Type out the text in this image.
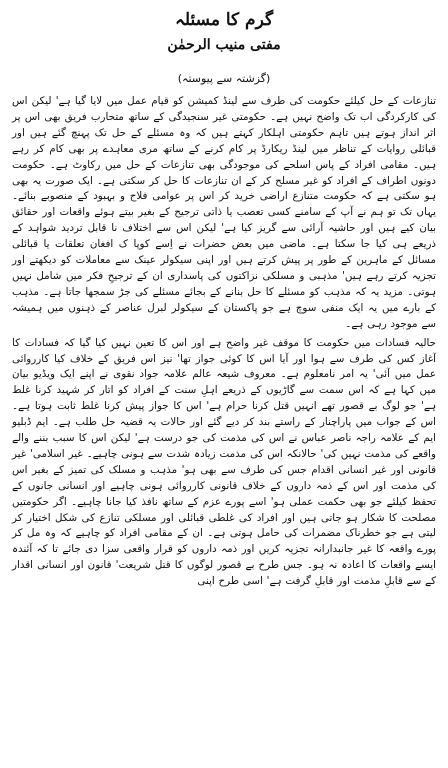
گرم کا مسئلہ
مفتی منیب الرحمٰن

(گزشتہ سے پیوستہ)

تنازعات کے حل کیلئے حکومت کی طرف سے لینڈ کمیشن کو قیام عمل میں لایا گیا ہے' لیکن اس کی کارکردگی اب تک واضح نہیں ہے۔ حکومتی غیر سنجیدگی کے ساتھ متحارب فریق بھی اس پر اثر انداز ہوتے ہیں تاہم حکومتی اہلکار کہتے ہیں کہ وہ مسئلے کے حل تک پہنچ گئے ہیں اور قبائلی روایات کے تناظر میں لینڈ ریکارڈ پر کام کرنے کے ساتھ مری معاہدے پر بھی کام کر رہے ہیں۔ مقامی افراد کے پاس اسلحے کی موجودگی بھی تنازعات کے حل میں رکاوٹ ہے۔ حکومت دونوں اطراف کے افراد کو غیر مسلح کر کے ان تنازعات کا حل کر سکتی ہے۔ ایک صورت یہ بھی ہو سکتی ہے کہ حکومت متنازع اراضی خرید کر اس پر عوامی فلاح و بہبود کے منصوبے بنائے۔ یہاں تک تو ہم نے آپ کے سامنے کسی تعصب یا ذاتی ترجیح کے بغیر بیتے ہوئے واقعات اور حقائق بیان کیے ہیں اور حاشیہ آرائی سے گریز کیا ہے' لیکن اس سے اختلاف نا قابل تردید شواہد کے ذریعے ہی کیا جا سکتا ہے۔ ماضی میں بعض حضرات نے اِسے کوپا ک افغان تعلقات یا قبائلی مسائل کے ماہرین کے طور پر پیش کرتے ہیں اور اپنی سیکولر عینک سے معاملات کو دیکھتے اور تجزیہ کرتے رہے ہیں' مذہبی و مسلکی نزاکتوں کی پاسداری ان کے ترجیحِ فکر میں شامل نہیں ہوتی۔ مزید یہ کہ مذہب کو مسئلے کا حل بنانے کے بجائے مسئلے کی جڑ سمجھا جاتا ہے۔ مذہب کے بارے میں یہ ایک منفی سوچ ہے جو پاکستان کے سیکولر لبرل عناصر کے ذہنوں میں ہمیشہ سے موجود رہی ہے۔

حالیہ فسادات میں حکومت کا موقف غیر واضح ہے اور اس کا تعین نہیں کیا گیا کہ فسادات کا آغاز کس کی طرف سے ہوا اور آیا اس کا کوئی جواز تھا' نیز اس فریق کے خلاف کیا کارروائی عمل میں آئی' یہ امر نامعلوم ہے۔ معروف شیعہ عالم علامہ جواد نقوی نے اپنے ایک ویڈیو بیان میں کہا ہے کہ اس سمت سے گاڑیوں کے ذریعے اہلِ سنت کے افراد کو اتار کر شہید کرنا غلط ہے' جو لوگ بے قصور تھے انہیں قتل کرنا حرام ہے' اس کا جواز پیش کرنا غلط ثابت ہوتا ہے۔ اس کے جواب میں پاراچنار کے راستے بند کر دیے گئے اور حالات یہ قضیہ حل طلب ہے۔ ایم ڈبلیو ایم کے علامہ راجہ ناصر عباس نے اس کی مذمت کی جو درست ہے' لیکن اس کا سبب بننے والے واقعے کی مذمت نہیں کی' حالانکہ اس کی مذمت زیادہ شدت سے ہونی چاہیے۔ غیر اسلامی' غیر قانونی اور غیر انسانی اقدام جس کی طرف سے بھی ہو' مذہب و مسلک کی تمیز کے بغیر اس کی مذمت اور اس کے ذمہ داروں کے خلاف قانونی کارروائی ہونی چاہیے اور انسانی جانوں کے تحفظ کیلئے جو بھی حکمت عملی ہو' اسے پورے عزم کے ساتھ نافذ کیا جانا چاہیے۔ اگر حکومتیں مصلحت کا شکار ہو جاتی ہیں اور افراد کی غلطی قبائلی اور مسلکی تنازع کی شکل اختیار کر لیتی ہے جو خطرناک مضمرات کی حامل ہوتی ہے۔ ان کے مقامی افراد کو چاہیے کہ وہ مل کر پورے واقعہ کا غیر جانبدارانہ تجزیہ کریں اور ذمہ داروں کو قرار واقعی سزا دی جائے تا کہ آئندہ ایسے واقعات کا اعادہ نہ ہو۔ جس طرح بے قصور لوگوں کا قتل شریعت' قانون اور انسانی اقدار کے سے قابلِ مذمت اور قابلِ گرفت ہے' اسی طرح اپنی
